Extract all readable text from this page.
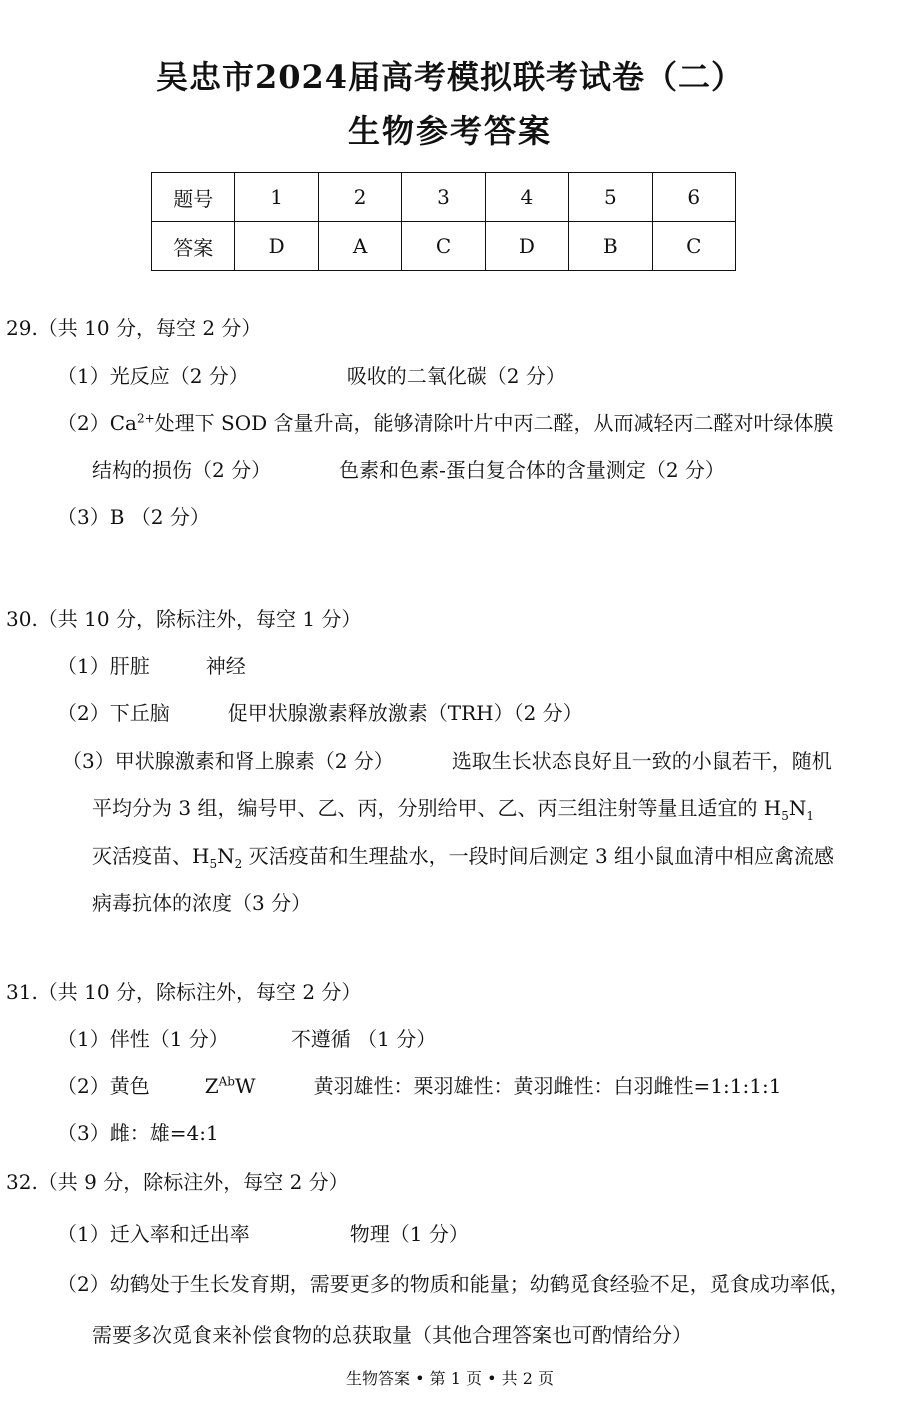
吴忠市2024届高考模拟联考试卷（二）
生物参考答案
题号	1	2	3	4	5	6
答案	D	A	C	D	B	C
29.（共 10 分，每空 2 分）
（1）光反应（2 分）	吸收的二氧化碳（2 分）
$(2)Ca^{2+}$处理下 SOD 含量升高，能够清除叶片中丙二醛，从而减轻丙二醛对叶绿体膜
结构的损伤（2 分）	色素和色素-蛋白复合体的含量测定（2 分）
（3）B （2 分）
30.（共 10 分，除标注外，每空 1 分）
（1）肝脏	神经
（2）下丘脑	促甲状腺激素释放激素（TRH）（2 分）
（3）甲状腺激素和肾上腺素（2 分）	选取生长状态良好且一致的小鼠若干，随机
平均分为 3 组，编号甲、乙、丙，分别给甲、乙、丙三组注射等量且适宜的 $H_5N_1$
灭活疫苗、$H_5N_2$ 灭活疫苗和生理盐水，一段时间后测定 3 组小鼠血清中相应禽流感
病毒抗体的浓度（3 分）
31.（共 10 分，除标注外，每空 2 分）
（1）伴性（1 分）	不遵循 （1 分）
（2）黄色	$Z^{Ab}W$	黄羽雄性：栗羽雄性：黄羽雌性：白羽雌性=1:1:1:1
（3）雌：雄=4:1
32.（共 9 分，除标注外，每空 2 分）
（1）迁入率和迁出率	物理（1 分）
（2）幼鹤处于生长发育期，需要更多的物质和能量；幼鹤觅食经验不足，觅食成功率低，
需要多次觅食来补偿食物的总获取量（其他合理答案也可酌情给分）
生物答案 • 第 1 页 • 共 2 页
